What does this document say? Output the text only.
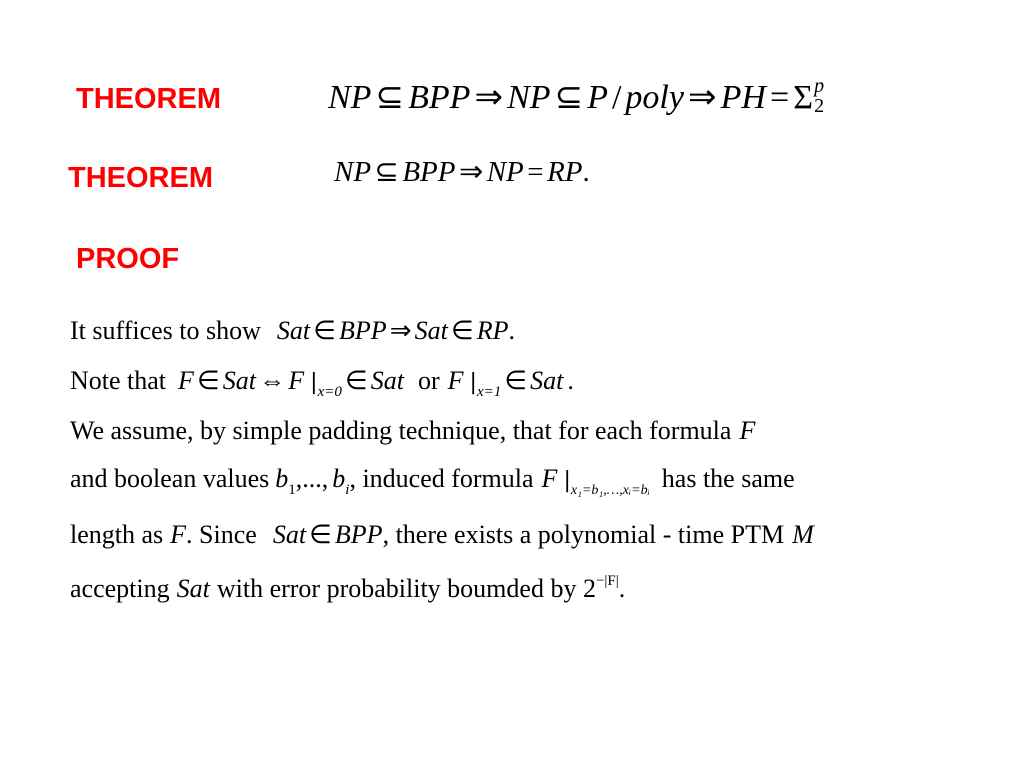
THEOREM
THEOREM
PROOF
NP ⊆ BPP ⇒ NP ⊆ P / poly ⇒ PH = Σ p
2
NP ⊆ BPP ⇒ NP = RP.
It suffices to show Sat ∈ BPP ⇒ Sat ∈ RP.
Note that F ∈ Sat ⇔ F $|_{x=0}$ ∈ Sat or F $|_{x=1}$ ∈ Sat .
We assume, by simple padding technique, that for each formula F
and boolean values $b_1$,..., $b_i$, induced formula F $|_{x_1=b_1,\dots,xᵢ=bᵢ}$ has the same
length as F. Since Sat ∈ BPP, there exists a polynomial - time PTM M
accepting Sat with error probability boumded by $2^{-|F|}$.
